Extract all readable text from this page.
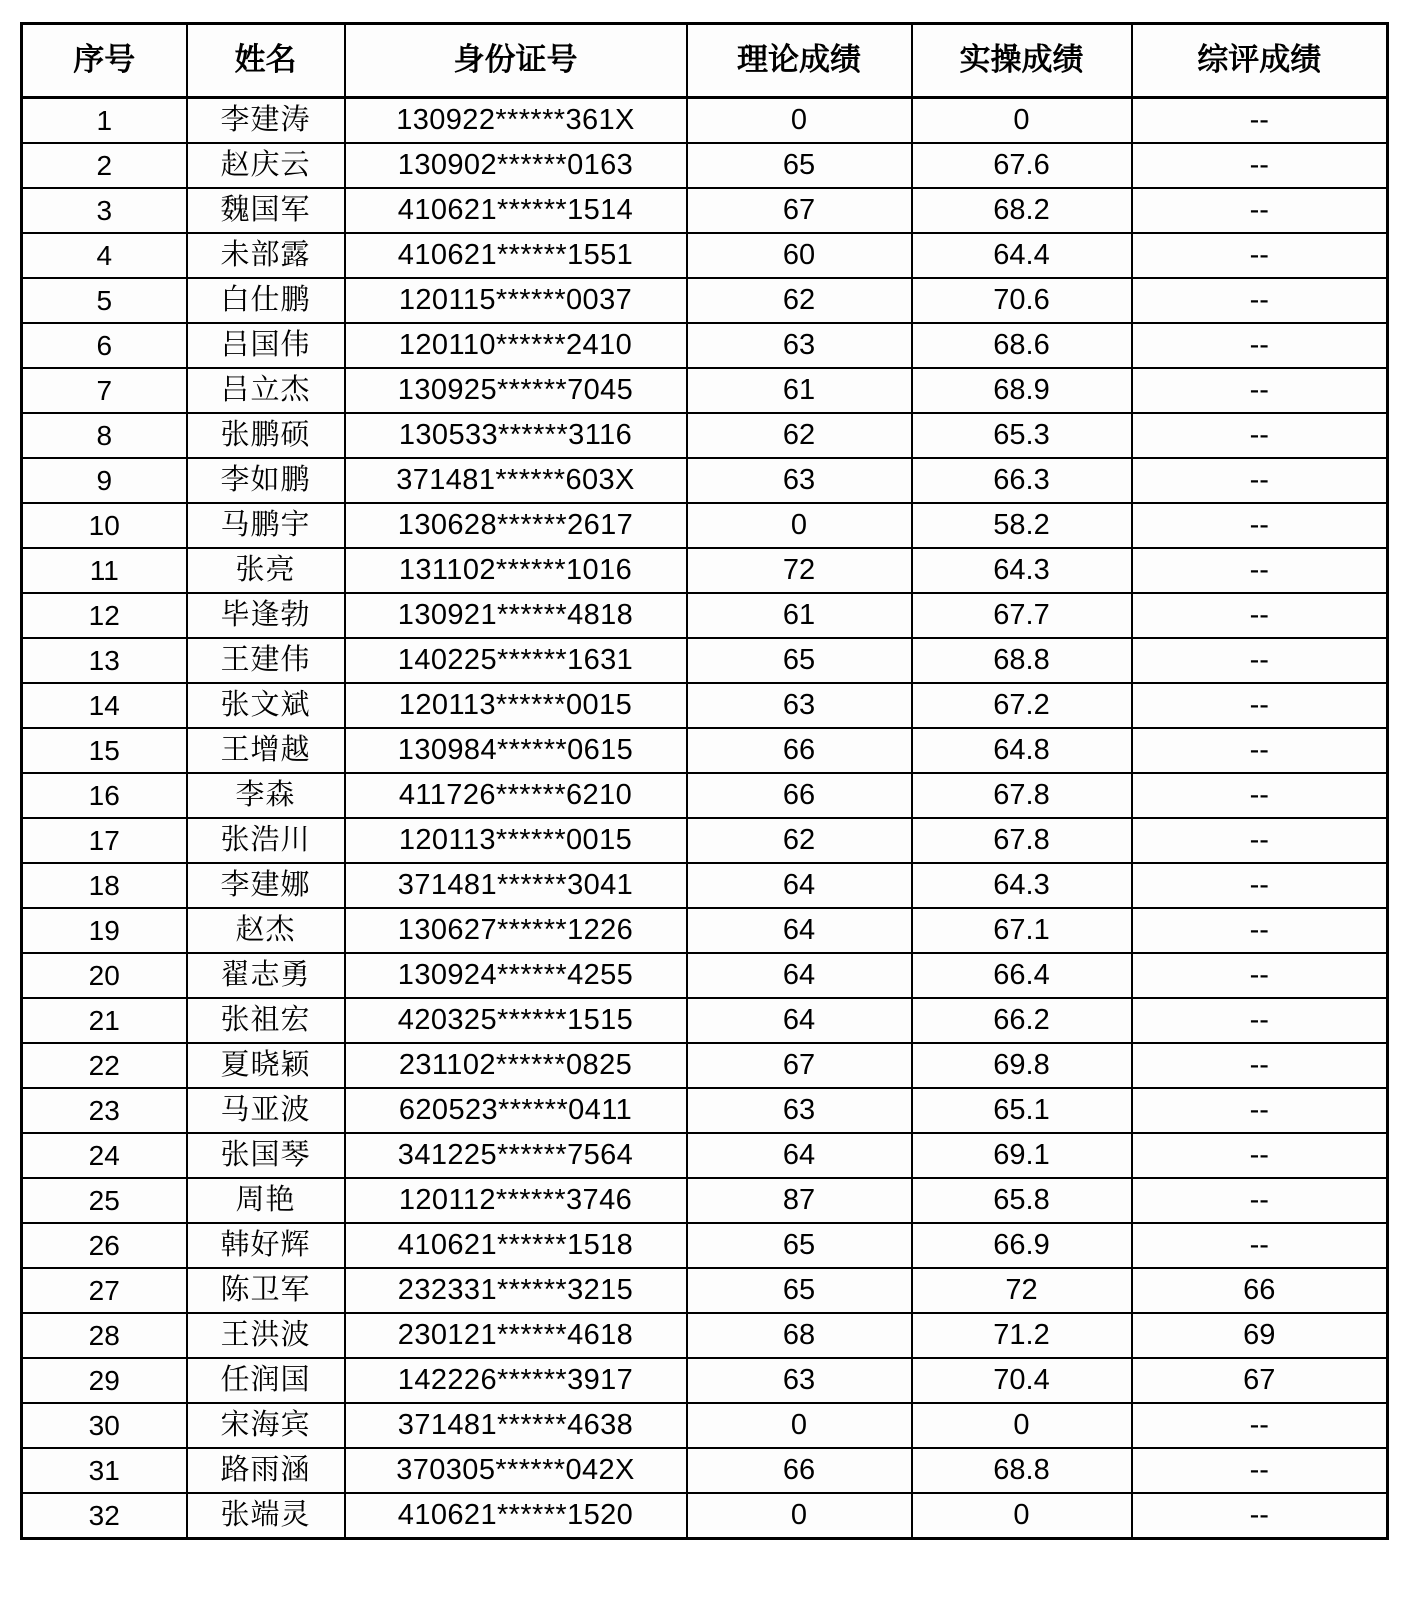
序号	姓名	身份证号	理论成绩	实操成绩	综评成绩
1	李建涛	130922******361X	0	0	--
2	赵庆云	130902******0163	65	67.6	--
3	魏国军	410621******1514	67	68.2	--
4	未部露	410621******1551	60	64.4	--
5	白仕鹏	120115******0037	62	70.6	--
6	吕国伟	120110******2410	63	68.6	--
7	吕立杰	130925******7045	61	68.9	--
8	张鹏硕	130533******3116	62	65.3	--
9	李如鹏	371481******603X	63	66.3	--
10	马鹏宇	130628******2617	0	58.2	--
11	张亮	131102******1016	72	64.3	--
12	毕逢勃	130921******4818	61	67.7	--
13	王建伟	140225******1631	65	68.8	--
14	张文斌	120113******0015	63	67.2	--
15	王增越	130984******0615	66	64.8	--
16	李森	411726******6210	66	67.8	--
17	张浩川	120113******0015	62	67.8	--
18	李建娜	371481******3041	64	64.3	--
19	赵杰	130627******1226	64	67.1	--
20	翟志勇	130924******4255	64	66.4	--
21	张祖宏	420325******1515	64	66.2	--
22	夏晓颖	231102******0825	67	69.8	--
23	马亚波	620523******0411	63	65.1	--
24	张国琴	341225******7564	64	69.1	--
25	周艳	120112******3746	87	65.8	--
26	韩好辉	410621******1518	65	66.9	--
27	陈卫军	232331******3215	65	72	66
28	王洪波	230121******4618	68	71.2	69
29	任润国	142226******3917	63	70.4	67
30	宋海宾	371481******4638	0	0	--
31	路雨涵	370305******042X	66	68.8	--
32	张端灵	410621******1520	0	0	--
